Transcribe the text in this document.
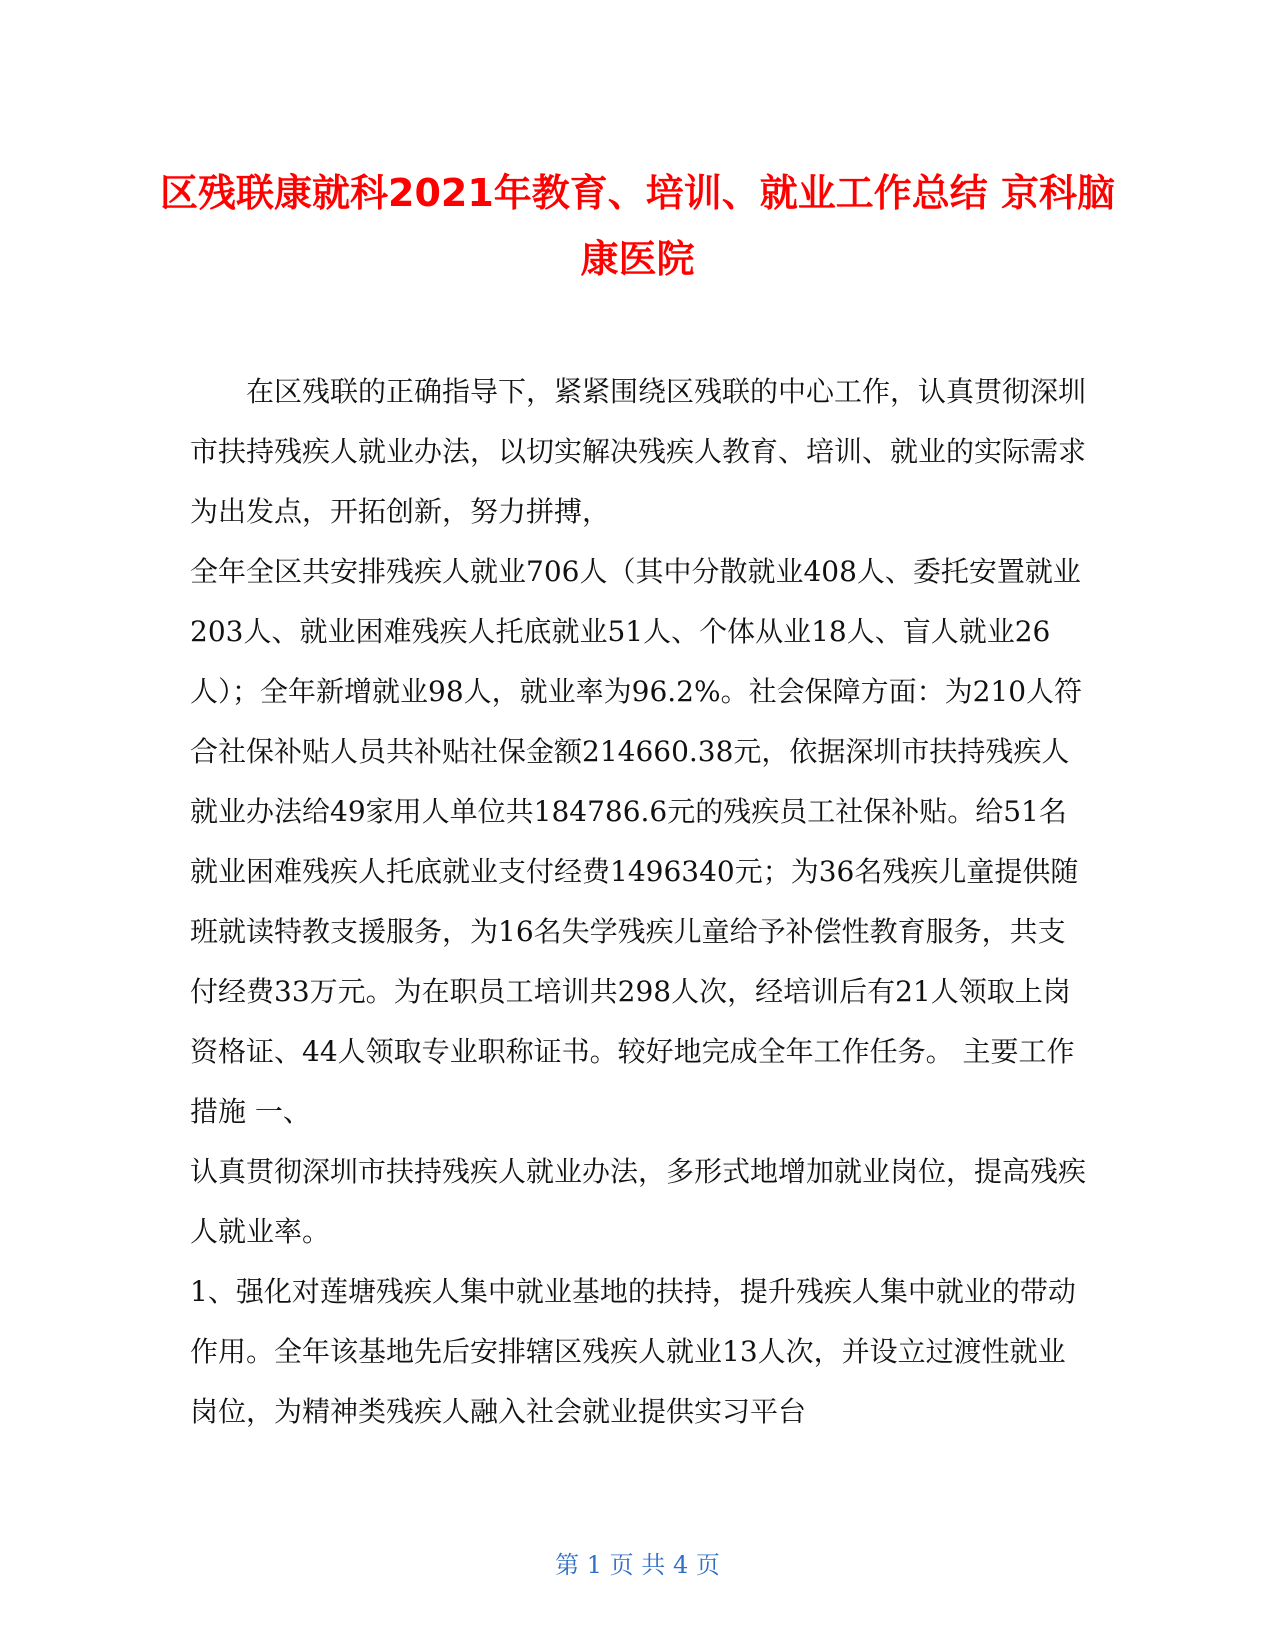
区残联康就科2021年教育、培训、就业工作总结 京科脑康医院

在区残联的正确指导下，紧紧围绕区残联的中心工作，认真贯彻深圳市扶持残疾人就业办法，以切实解决残疾人教育、培训、就业的实际需求为出发点，开拓创新，努力拼搏，

全年全区共安排残疾人就业706人（其中分散就业408人、委托安置就业203人、就业困难残疾人托底就业51人、个体从业18人、盲人就业26人）；全年新增就业98人，就业率为96.2%。社会保障方面：为210人符合社保补贴人员共补贴社保金额214660.38元，依据深圳市扶持残疾人就业办法给49家用人单位共184786.6元的残疾员工社保补贴。给51名就业困难残疾人托底就业支付经费1496340元；为36名残疾儿童提供随班就读特教支援服务，为16名失学残疾儿童给予补偿性教育服务，共支付经费33万元。为在职员工培训共298人次，经培训后有21人领取上岗资格证、44人领取专业职称证书。较好地完成全年工作任务。 主要工作措施 一、

认真贯彻深圳市扶持残疾人就业办法，多形式地增加就业岗位，提高残疾人就业率。

1、强化对莲塘残疾人集中就业基地的扶持，提升残疾人集中就业的带动作用。全年该基地先后安排辖区残疾人就业13人次，并设立过渡性就业岗位，为精神类残疾人融入社会就业提供实习平台

第 1 页 共 4 页
